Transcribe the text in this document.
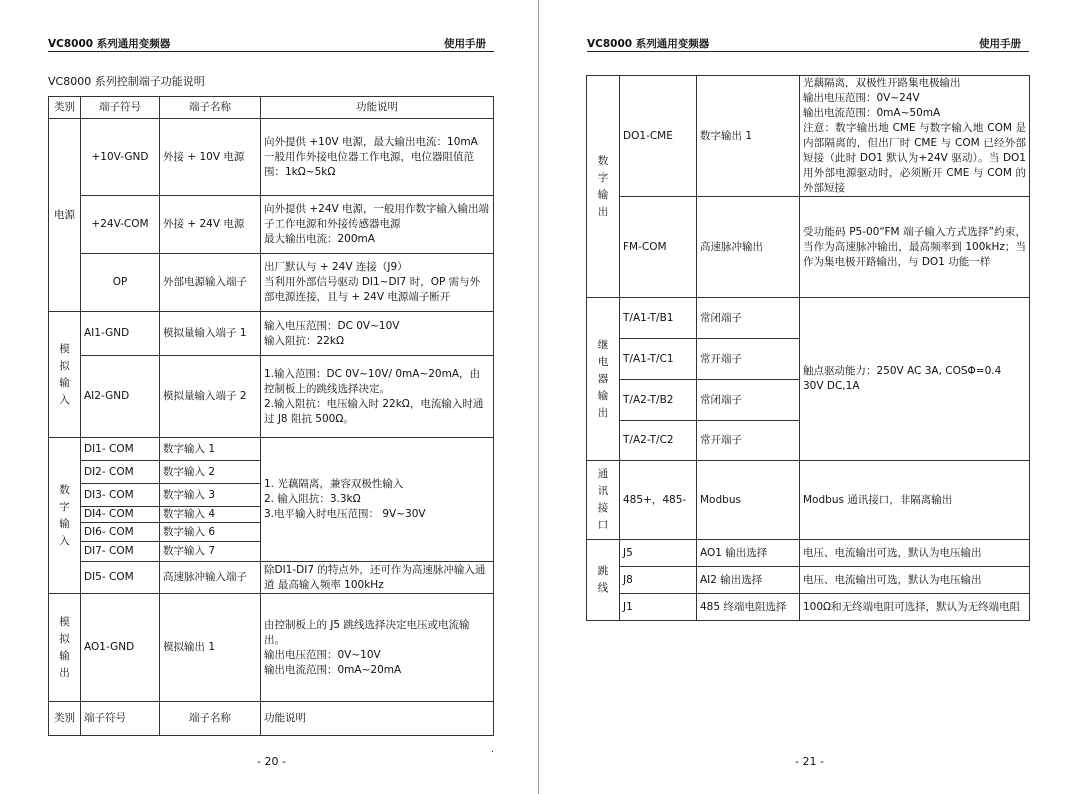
VC8000 系列通用变频器	使用手册
VC8000 系列控制端子功能说明
类别	端子符号	端子名称	功能说明
电源	+10V-GND	外接 + 10V 电源	向外提供 +10V 电源，最大输出电流：10mA
一般用作外接电位器工作电源，电位器阻值范围：1kΩ~5kΩ

	+24V-COM	外接 + 24V 电源	向外提供 +24V 电源，一般用作数字输入输出端子工作电源和外接传感器电源
最大输出电流：200mA

	OP	外部电源输入端子	出厂默认与 + 24V 连接（J9）
当利用外部信号驱动 DI1~DI7 时，OP 需与外部电源连接，且与 + 24V 电源端子断开

模拟输入	AI1-GND	模拟量输入端子 1	输入电压范围：DC 0V~10V
输入阻抗：22kΩ

	AI2-GND	模拟量输入端子 2	1.输入范围：DC 0V~10V/ 0mA~20mA，由控制板上的跳线选择决定。
2.输入阻抗：电压输入时 22kΩ，电流输入时通过 J8 阻抗 500Ω。

数字输入	DI1- COM	数字输入 1	1. 光藕隔离，兼容双极性输入
2. 输入阻抗：3.3kΩ
3.电平输入时电压范围： 9V~30V

	DI2- COM	数字输入 2	
	DI3- COM	数字输入 3	
	DI4- COM	数字输入 4	
	DI6- COM	数字输入 6	
	DI7- COM	数字输入 7	
	DI5- COM	高速脉冲输入端子	除DI1-DI7 的特点外，还可作为高速脉冲输入通道 最高输入频率 100kHz

模拟输出	AO1-GND	模拟输出 1	由控制板上的 J5 跳线选择决定电压或电流输出。
输出电压范围：0V~10V
输出电流范围：0mA~20mA

类别	端子符号	端子名称	功能说明
.
- 20 -
VC8000 系列通用变频器	使用手册
数字输出	DO1-CME	数字输出 1	光藕隔离，双极性开路集电极输出
输出电压范围：0V~24V
输出电流范围：0mA~50mA
注意：数字输出地 CME 与数字输入地 COM 是内部隔离的，但出厂时 CME 与 COM 已经外部短接（此时 DO1 默认为+24V 驱动）。当 DO1 用外部电源驱动时，必须断开 CME 与 COM 的外部短接

	FM-COM	高速脉冲输出	受功能码 P5-00“FM 端子输入方式选择”约束，当作为高速脉冲输出，最高频率到 100kHz；当作为集电极开路输出，与 DO1 功能一样

继电器输出	T/A1-T/B1	常闭端子	触点驱动能力：250V AC 3A, COSΦ=0.4
30V DC,1A

	T/A1-T/C1	常开端子	
	T/A2-T/B2	常闭端子	
	T/A2-T/C2	常开端子	
通讯接口	485+，485-	Modbus	Modbus 通讯接口，非隔离输出

跳线	J5	AO1 输出选择	电压、电流输出可选，默认为电压输出

	J8	AI2 输出选择	电压、电流输出可选，默认为电压输出

	J1	485 终端电阻选择	100Ω和无终端电阻可选择，默认为无终端电阻
- 21 -
